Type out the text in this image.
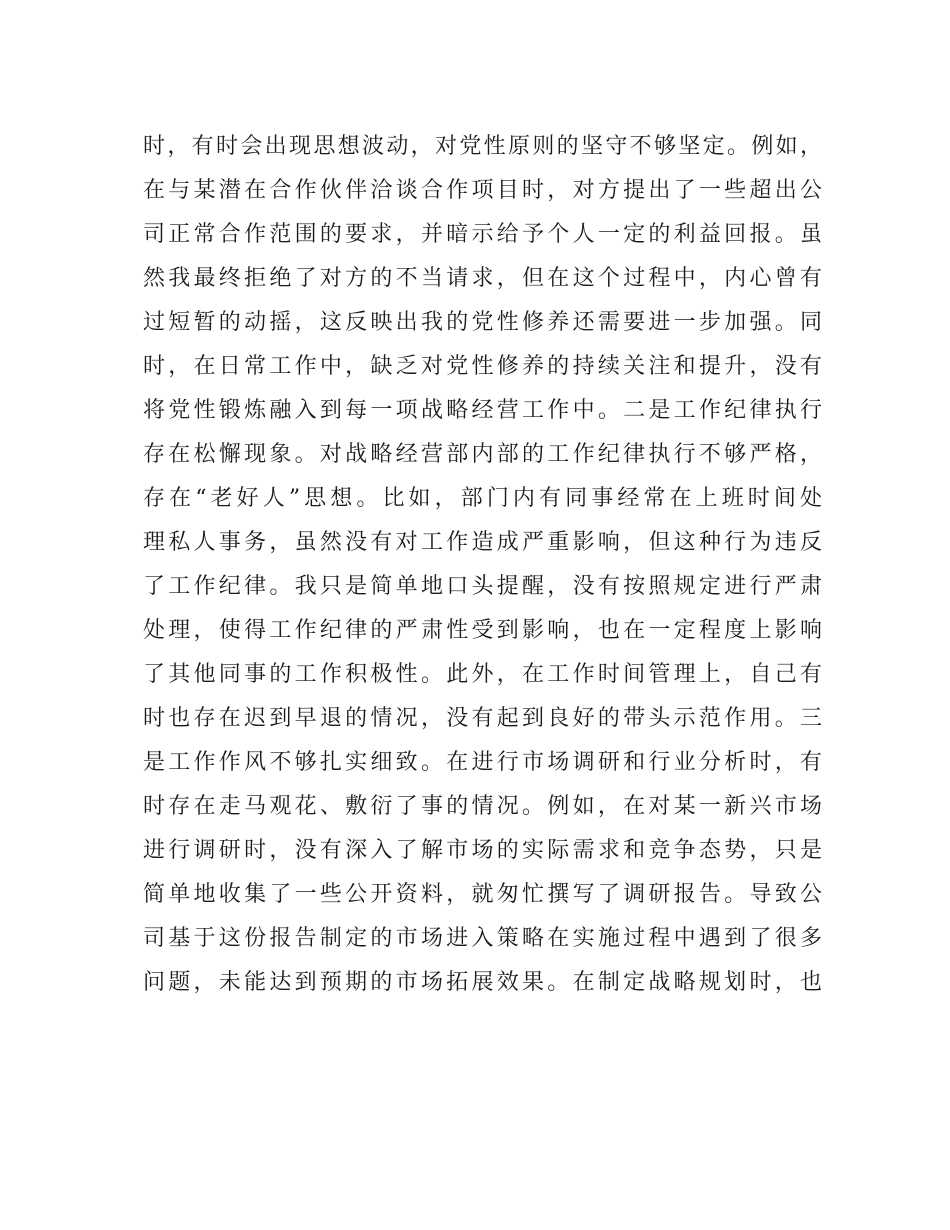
时，有时会出现思想波动，对党性原则的坚守不够坚定。例如，
在与某潜在合作伙伴洽谈合作项目时，对方提出了一些超出公
司正常合作范围的要求，并暗示给予个人一定的利益回报。虽
然我最终拒绝了对方的不当请求，但在这个过程中，内心曾有
过短暂的动摇，这反映出我的党性修养还需要进一步加强。同
时，在日常工作中，缺乏对党性修养的持续关注和提升，没有
将党性锻炼融入到每一项战略经营工作中。二是工作纪律执行
存在松懈现象。对战略经营部内部的工作纪律执行不够严格，
存在“老好人”思想。比如，部门内有同事经常在上班时间处
理私人事务，虽然没有对工作造成严重影响，但这种行为违反
了工作纪律。我只是简单地口头提醒，没有按照规定进行严肃
处理，使得工作纪律的严肃性受到影响，也在一定程度上影响
了其他同事的工作积极性。此外，在工作时间管理上，自己有
时也存在迟到早退的情况，没有起到良好的带头示范作用。三
是工作作风不够扎实细致。在进行市场调研和行业分析时，有
时存在走马观花、敷衍了事的情况。例如，在对某一新兴市场
进行调研时，没有深入了解市场的实际需求和竞争态势，只是
简单地收集了一些公开资料，就匆忙撰写了调研报告。导致公
司基于这份报告制定的市场进入策略在实施过程中遇到了很多
问题，未能达到预期的市场拓展效果。在制定战略规划时，也
